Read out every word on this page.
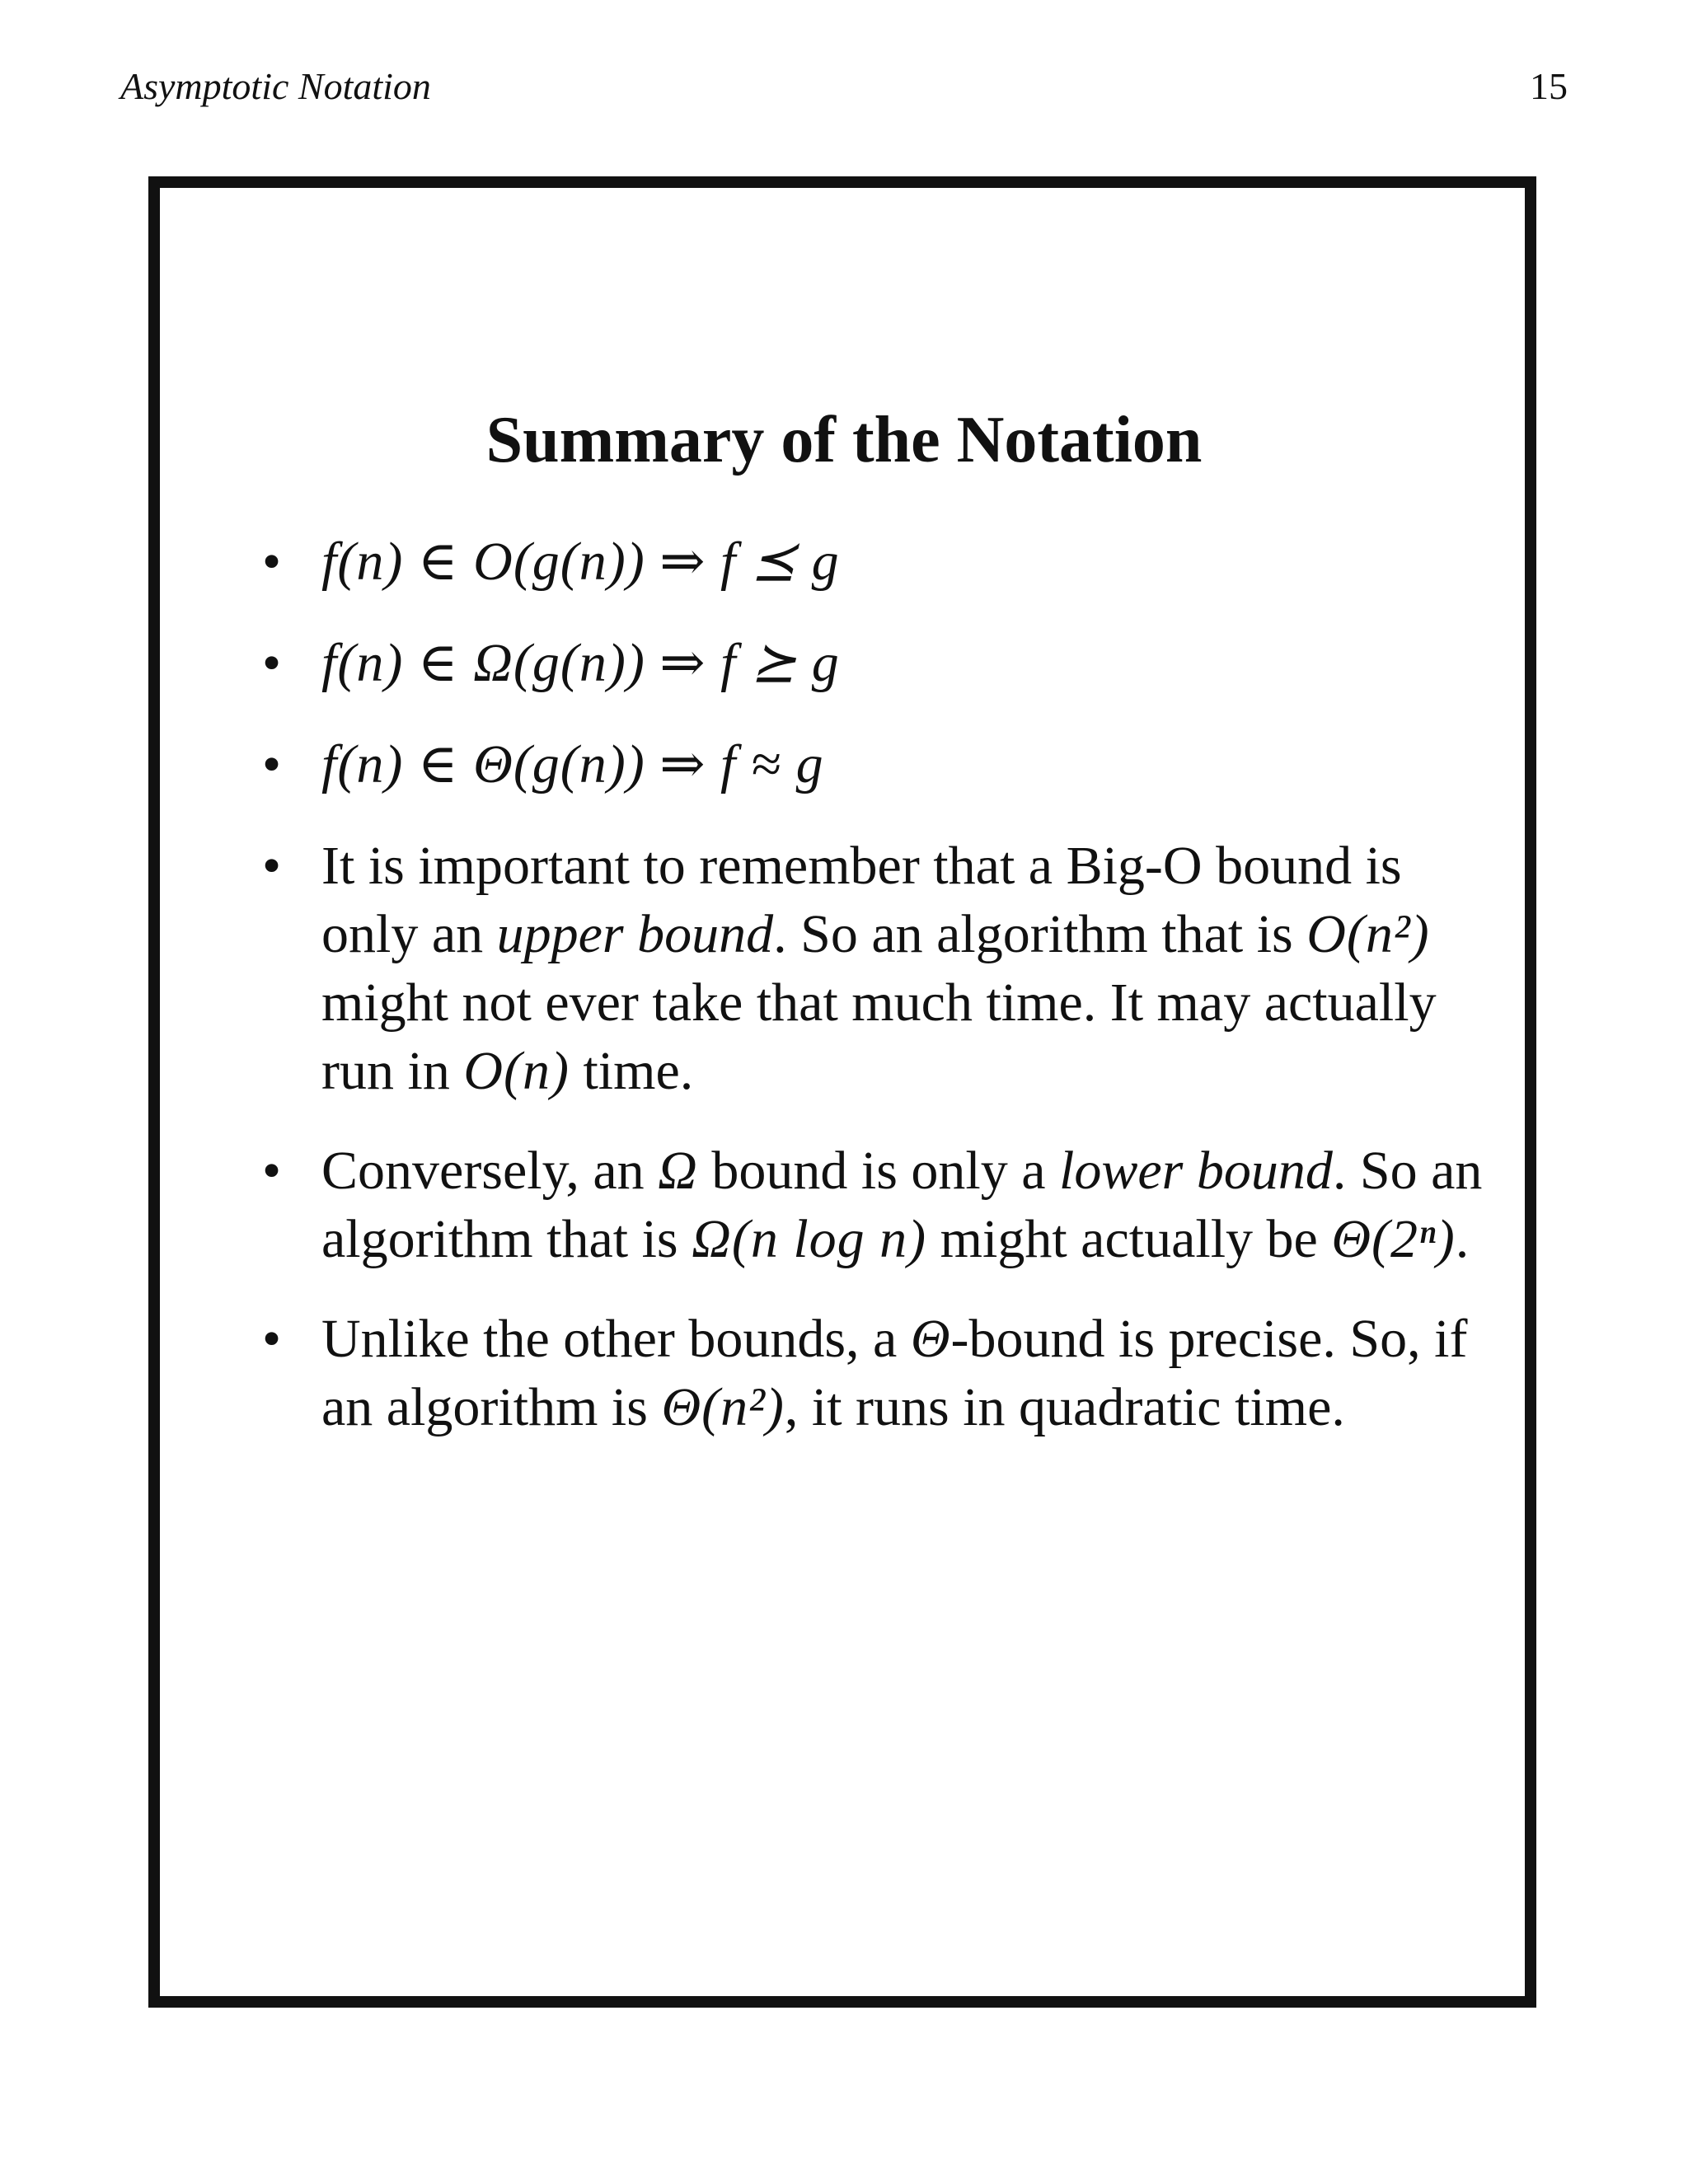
Asymptotic Notation	15
Summary of the Notation
• f(n) ∈ O(g(n)) ⇒ f ⪯ g
• f(n) ∈ Ω(g(n)) ⇒ f ⪰ g
• f(n) ∈ Θ(g(n)) ⇒ f ≈ g
• It is important to remember that a Big-O bound is only an upper bound. So an algorithm that is O(n²) might not ever take that much time. It may actually run in O(n) time.
• Conversely, an Ω bound is only a lower bound. So an algorithm that is Ω(n log n) might actually be Θ(2ⁿ).
• Unlike the other bounds, a Θ-bound is precise. So, if an algorithm is Θ(n²), it runs in quadratic time.
